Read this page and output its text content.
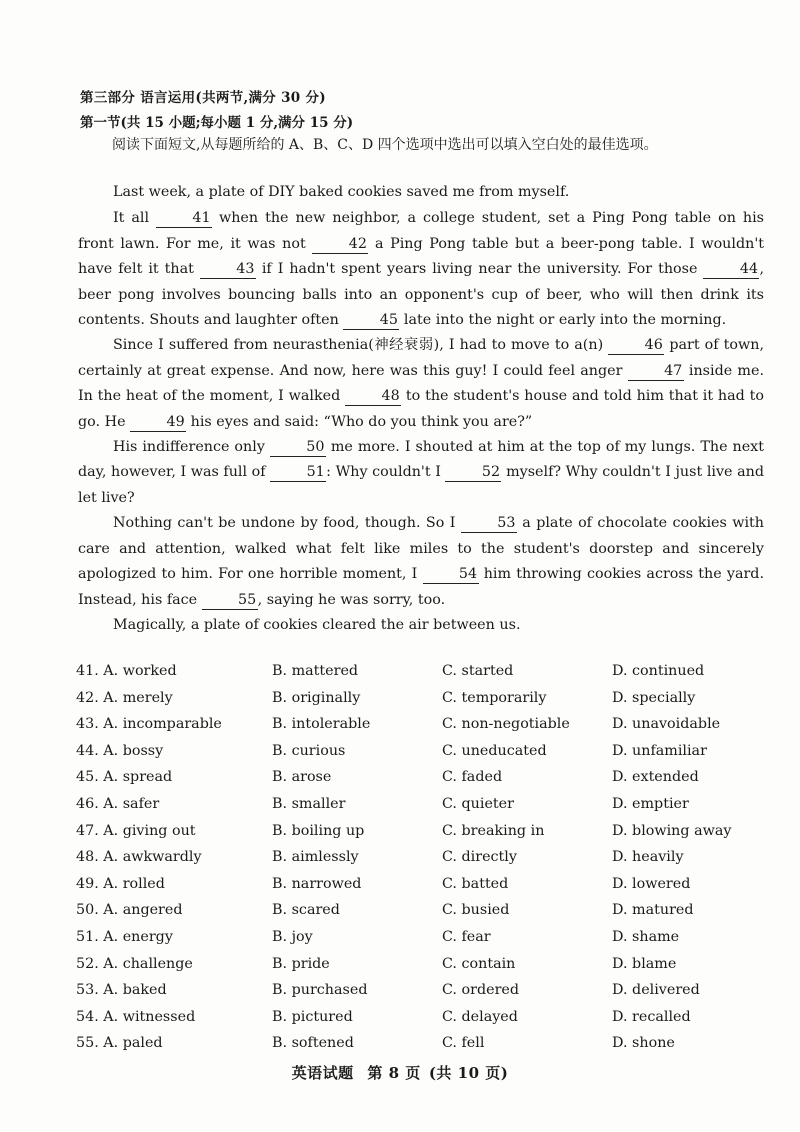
第三部分 语言运用(共两节,满分 30 分)
第一节(共 15 小题;每小题 1 分,满分 15 分)
阅读下面短文,从每题所给的 A、B、C、D 四个选项中选出可以填入空白处的最佳选项。

Last week, a plate of DIY baked cookies saved me from myself.

It all	41 when the new neighbor, a college student, set a Ping Pong table on his front lawn. For me, it was not	42 a Ping Pong table but a beer-pong table. I wouldn't have felt it that	43 if I hadn't spent years living near the university. For those	44, beer pong involves bouncing balls into an opponent's cup of beer, who will then drink its contents. Shouts and laughter often	45 late into the night or early into the morning.

Since I suffered from neurasthenia(神经衰弱), I had to move to a(n)	46 part of town, certainly at great expense. And now, here was this guy! I could feel anger	47 inside me. In the heat of the moment, I walked	48 to the student's house and told him that it had to go. He	49 his eyes and said: “Who do you think you are?”

His indifference only	50 me more. I shouted at him at the top of my lungs. The next day, however, I was full of	51: Why couldn't I	52 myself? Why couldn't I just live and let live?

Nothing can't be undone by food, though. So I	53 a plate of chocolate cookies with care and attention, walked what felt like miles to the student's doorstep and sincerely apologized to him. For one horrible moment, I	54 him throwing cookies across the yard. Instead, his face	55, saying he was sorry, too.

Magically, a plate of cookies cleared the air between us.

41. A. worked	B. mattered	C. started	D. continued
42. A. merely	B. originally	C. temporarily	D. specially
43. A. incomparable	B. intolerable	C. non-negotiable	D. unavoidable
44. A. bossy	B. curious	C. uneducated	D. unfamiliar
45. A. spread	B. arose	C. faded	D. extended
46. A. safer	B. smaller	C. quieter	D. emptier
47. A. giving out	B. boiling up	C. breaking in	D. blowing away
48. A. awkwardly	B. aimlessly	C. directly	D. heavily
49. A. rolled	B. narrowed	C. batted	D. lowered
50. A. angered	B. scared	C. busied	D. matured
51. A. energy	B. joy	C. fear	D. shame
52. A. challenge	B. pride	C. contain	D. blame
53. A. baked	B. purchased	C. ordered	D. delivered
54. A. witnessed	B. pictured	C. delayed	D. recalled
55. A. paled	B. softened	C. fell	D. shone
英语试题 第 8 页 (共 10 页)
